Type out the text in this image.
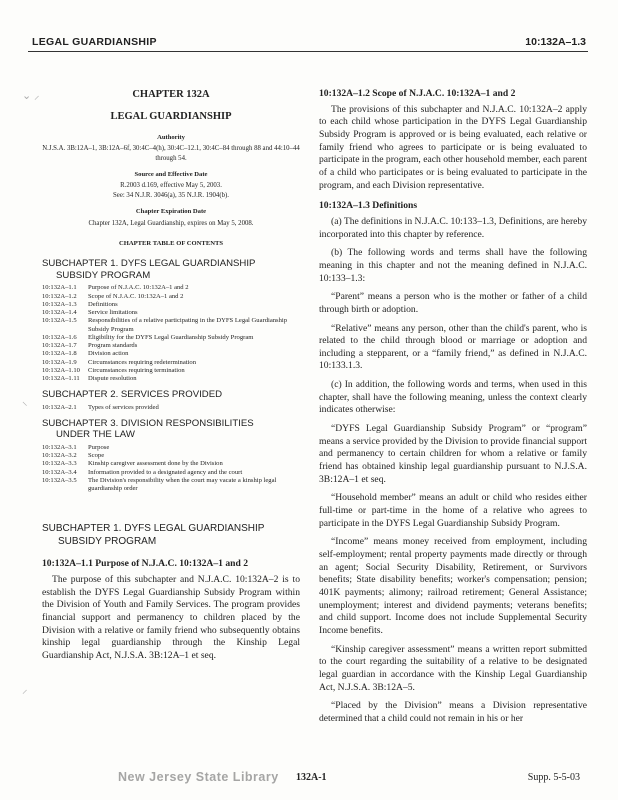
LEGAL GUARDIANSHIP	10:132A–1.3
⌄ ⸝
⸜
⸝
CHAPTER 132A
LEGAL GUARDIANSHIP
Authority
N.J.S.A. 3B:12A–1, 3B:12A–6f, 30:4C–4(h), 30:4C–12.1, 30:4C–84 through 88 and 44:10–44 through 54.
Source and Effective Date
R.2003 d.169, effective May 5, 2003.
See: 34 N.J.R. 3046(a), 35 N.J.R. 1904(b).
Chapter Expiration Date
Chapter 132A, Legal Guardianship, expires on May 5, 2008.
CHAPTER TABLE OF CONTENTS
SUBCHAPTER 1. DYFS LEGAL GUARDIANSHIP
SUBSIDY PROGRAM
10:132A–1.1	Purpose of N.J.A.C. 10:132A–1 and 2
10:132A–1.2	Scope of N.J.A.C. 10:132A–1 and 2
10:132A–1.3	Definitions
10:132A–1.4	Service limitations
10:132A–1.5	Responsibilities of a relative participating in the DYFS Legal Guardianship Subsidy Program
10:132A–1.6	Eligibility for the DYFS Legal Guardianship Subsidy Program
10:132A–1.7	Program standards
10:132A–1.8	Division action
10:132A–1.9	Circumstances requiring redetermination
10:132A–1.10	Circumstances requiring termination
10:132A–1.11	Dispute resolution
SUBCHAPTER 2. SERVICES PROVIDED
10:132A–2.1	Types of services provided
SUBCHAPTER 3. DIVISION RESPONSIBILITIES
UNDER THE LAW
10:132A–3.1	Purpose
10:132A–3.2	Scope
10:132A–3.3	Kinship caregiver assessment done by the Division
10:132A–3.4	Information provided to a designated agency and the court
10:132A–3.5	The Division's responsibility when the court may vacate a kinship legal guardianship order
SUBCHAPTER 1. DYFS LEGAL GUARDIANSHIP
SUBSIDY PROGRAM
10:132A–1.1 Purpose of N.J.A.C. 10:132A–1 and 2

The purpose of this subchapter and N.J.A.C. 10:132A–2 is to establish the DYFS Legal Guardianship Subsidy Program within the Division of Youth and Family Services. The program provides financial support and permanency to children placed by the Division with a relative or family friend who subsequently obtains kinship legal guardianship through the Kinship Legal Guardianship Act, N.J.S.A. 3B:12A–1 et seq.

10:132A–1.2 Scope of N.J.A.C. 10:132A–1 and 2

The provisions of this subchapter and N.J.A.C. 10:132A–2 apply to each child whose participation in the DYFS Legal Guardianship Subsidy Program is approved or is being evaluated, each relative or family friend who agrees to participate or is being evaluated to participate in the program, each other household member, each parent of a child who participates or is being evaluated to participate in the program, and each Division representative.

10:132A–1.3 Definitions

(a) The definitions in N.J.A.C. 10:133–1.3, Definitions, are hereby incorporated into this chapter by reference.

(b) The following words and terms shall have the following meaning in this chapter and not the meaning defined in N.J.A.C. 10:133–1.3:

“Parent” means a person who is the mother or father of a child through birth or adoption.

“Relative” means any person, other than the child's parent, who is related to the child through blood or marriage or adoption and including a stepparent, or a “family friend,” as defined in N.J.A.C. 10:133.1.3.

(c) In addition, the following words and terms, when used in this chapter, shall have the following meaning, unless the context clearly indicates otherwise:

“DYFS Legal Guardianship Subsidy Program” or “program” means a service provided by the Division to provide financial support and permanency to certain children for whom a relative or family friend has obtained kinship legal guardianship pursuant to N.J.S.A. 3B:12A–1 et seq.

“Household member” means an adult or child who resides either full-time or part-time in the home of a relative who agrees to participate in the DYFS Legal Guardianship Subsidy Program.

“Income” means money received from employment, including self-employment; rental property payments made directly or through an agent; Social Security Disability, Retirement, or Survivors benefits; State disability benefits; worker's compensation; pension; 401K payments; alimony; railroad retirement; General Assistance; unemployment; interest and dividend payments; veterans benefits; and child support. Income does not include Supplemental Security Income benefits.

“Kinship caregiver assessment” means a written report submitted to the court regarding the suitability of a relative to be designated legal guardian in accordance with the Kinship Legal Guardianship Act, N.J.S.A. 3B:12A–5.

“Placed by the Division” means a Division representative determined that a child could not remain in his or her

New Jersey State Library 132A-1	Supp. 5-5-03
